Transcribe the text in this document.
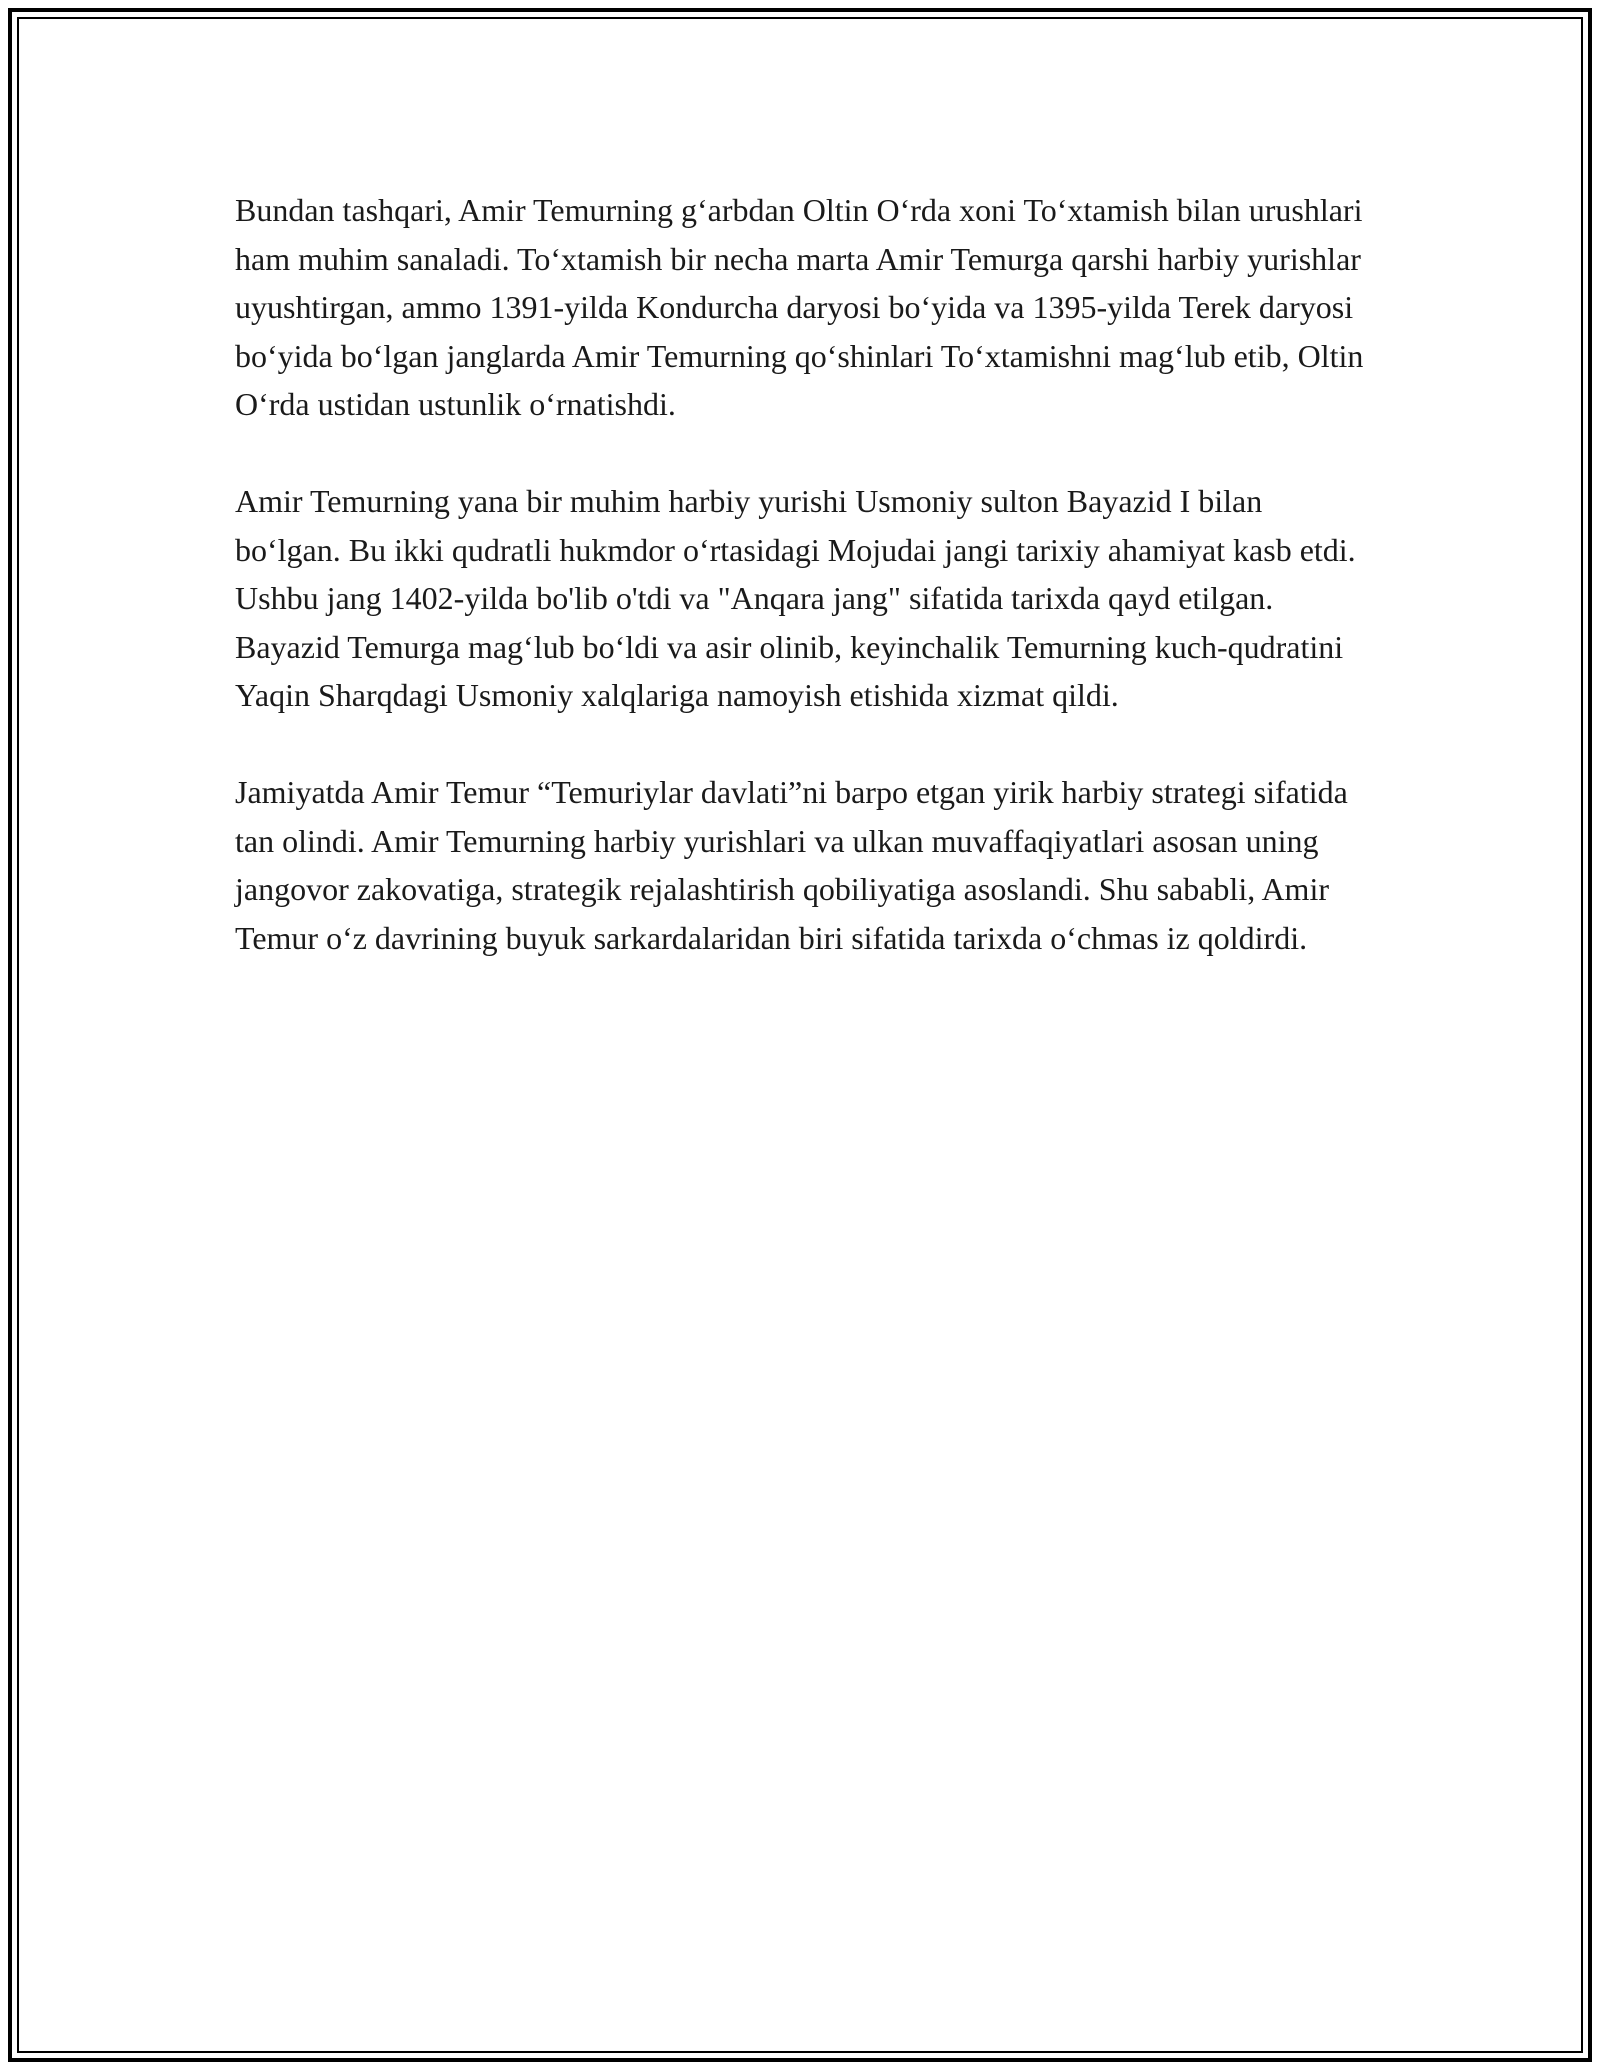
Bundan tashqari, Amir Temurning g‘arbdan Oltin O‘rda xoni To‘xtamish bilan urushlari ham muhim sanaladi. To‘xtamish bir necha marta Amir Temurga qarshi harbiy yurishlar uyushtirgan, ammo 1391-yilda Kondurcha daryosi bo‘yida va 1395-yilda Terek daryosi bo‘yida bo‘lgan janglarda Amir Temurning qo‘shinlari To‘xtamishni mag‘lub etib, Oltin O‘rda ustidan ustunlik o‘rnatishdi.

Amir Temurning yana bir muhim harbiy yurishi Usmoniy sulton Bayazid I bilan bo‘lgan. Bu ikki qudratli hukmdor o‘rtasidagi Mojudai jangi tarixiy ahamiyat kasb etdi. Ushbu jang 1402-yilda bo'lib o'tdi va "Anqara jang" sifatida tarixda qayd etilgan. Bayazid Temurga mag‘lub bo‘ldi va asir olinib, keyinchalik Temurning kuch-qudratini Yaqin Sharqdagi Usmoniy xalqlariga namoyish etishida xizmat qildi.

Jamiyatda Amir Temur “Temuriylar davlati”ni barpo etgan yirik harbiy strategi sifatida tan olindi. Amir Temurning harbiy yurishlari va ulkan muvaffaqiyatlari asosan uning jangovor zakovatiga, strategik rejalashtirish qobiliyatiga asoslandi. Shu sababli, Amir Temur o‘z davrining buyuk sarkardalaridan biri sifatida tarixda o‘chmas iz qoldirdi.
